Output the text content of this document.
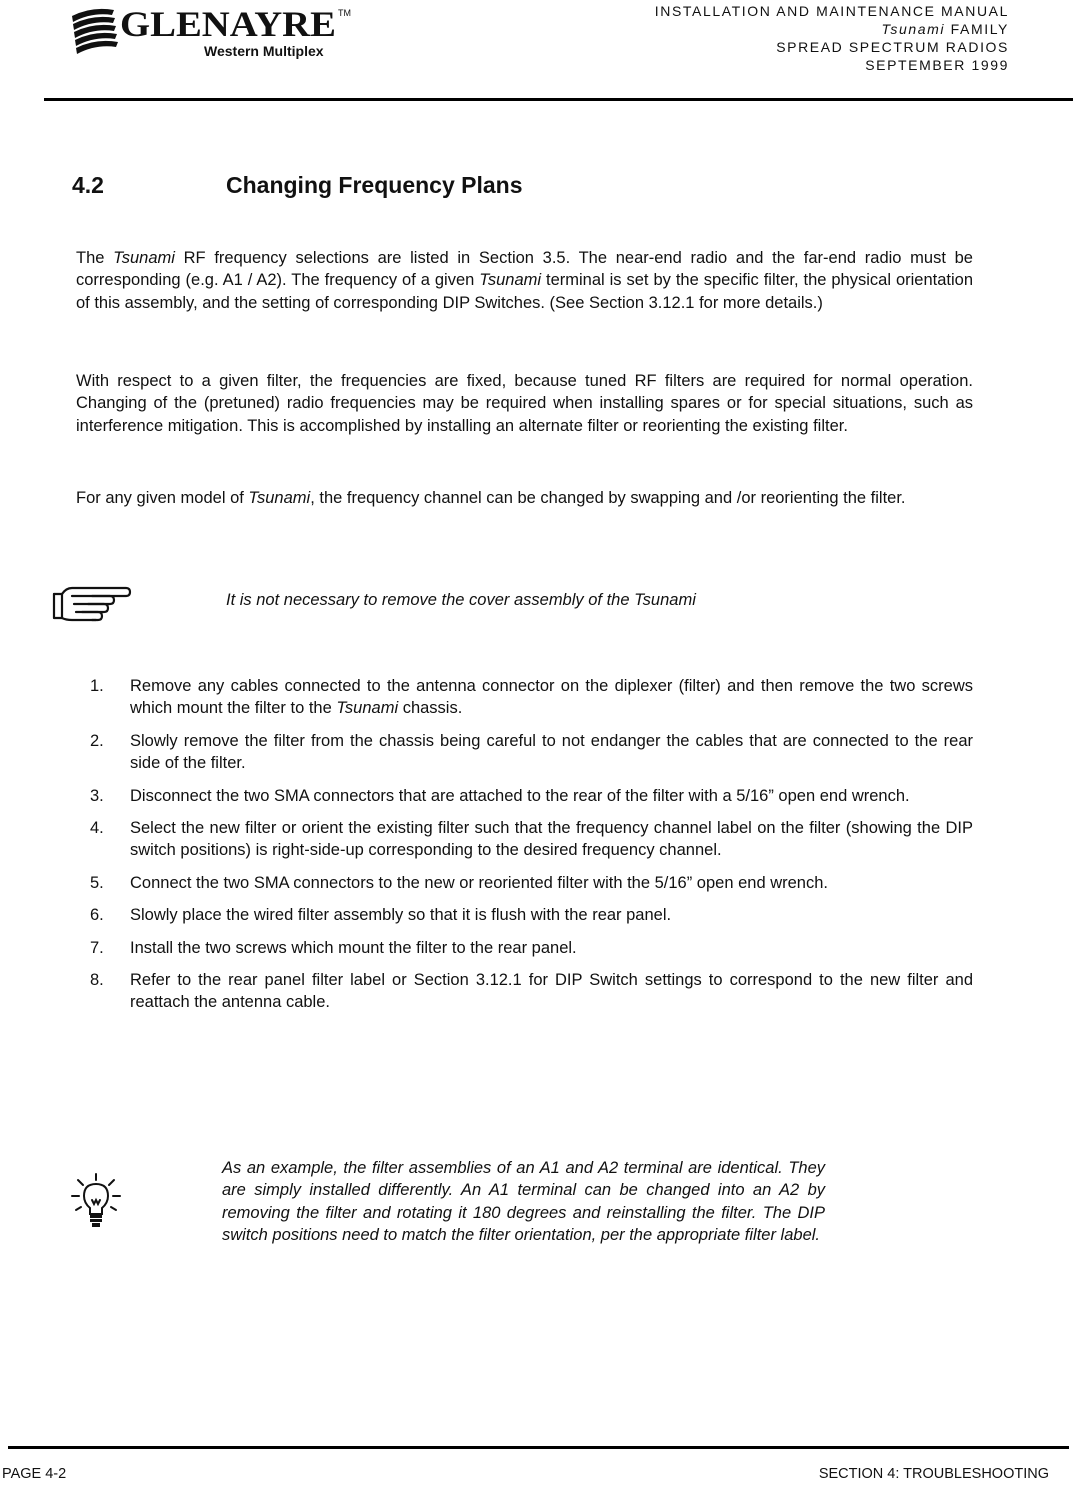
GLENAYRE TM
Western Multiplex
INSTALLATION AND MAINTENANCE MANUAL
Tsunami FAMILY
SPREAD SPECTRUM RADIOS
SEPTEMBER 1999
4.2	Changing Frequency Plans

The Tsunami RF frequency selections are listed in Section 3.5. The near-end radio and the far-end radio must be corresponding (e.g. A1 / A2). The frequency of a given Tsunami terminal is set by the specific filter, the physical orientation of this assembly, and the setting of corresponding DIP Switches. (See Section 3.12.1 for more details.)

With respect to a given filter, the frequencies are fixed, because tuned RF filters are required for normal operation. Changing of the (pretuned) radio frequencies may be required when installing spares or for special situations, such as interference mitigation. This is accomplished by installing an alternate filter or reorienting the existing filter.

For any given model of Tsunami, the frequency channel can be changed by swapping and /or reorienting the filter.

It is not necessary to remove the cover assembly of the Tsunami
1. Remove any cables connected to the antenna connector on the diplexer (filter) and then remove the two screws which mount the filter to the Tsunami chassis.
2. Slowly remove the filter from the chassis being careful to not endanger the cables that are connected to the rear side of the filter.
3. Disconnect the two SMA connectors that are attached to the rear of the filter with a 5/16” open end wrench.
4. Select the new filter or orient the existing filter such that the frequency channel label on the filter (showing the DIP switch positions) is right-side-up corresponding to the desired frequency channel.
5. Connect the two SMA connectors to the new or reoriented filter with the 5/16” open end wrench.
6. Slowly place the wired filter assembly so that it is flush with the rear panel.
7. Install the two screws which mount the filter to the rear panel.
8. Refer to the rear panel filter label or Section 3.12.1 for DIP Switch settings to correspond to the new filter and reattach the antenna cable.

As an example, the filter assemblies of an A1 and A2 terminal are identical. They are simply installed differently. An A1 terminal can be changed into an A2 by removing the filter and rotating it 180 degrees and reinstalling the filter. The DIP switch positions need to match the filter orientation, per the appropriate filter label.

PAGE 4-2	SECTION 4: TROUBLESHOOTING
